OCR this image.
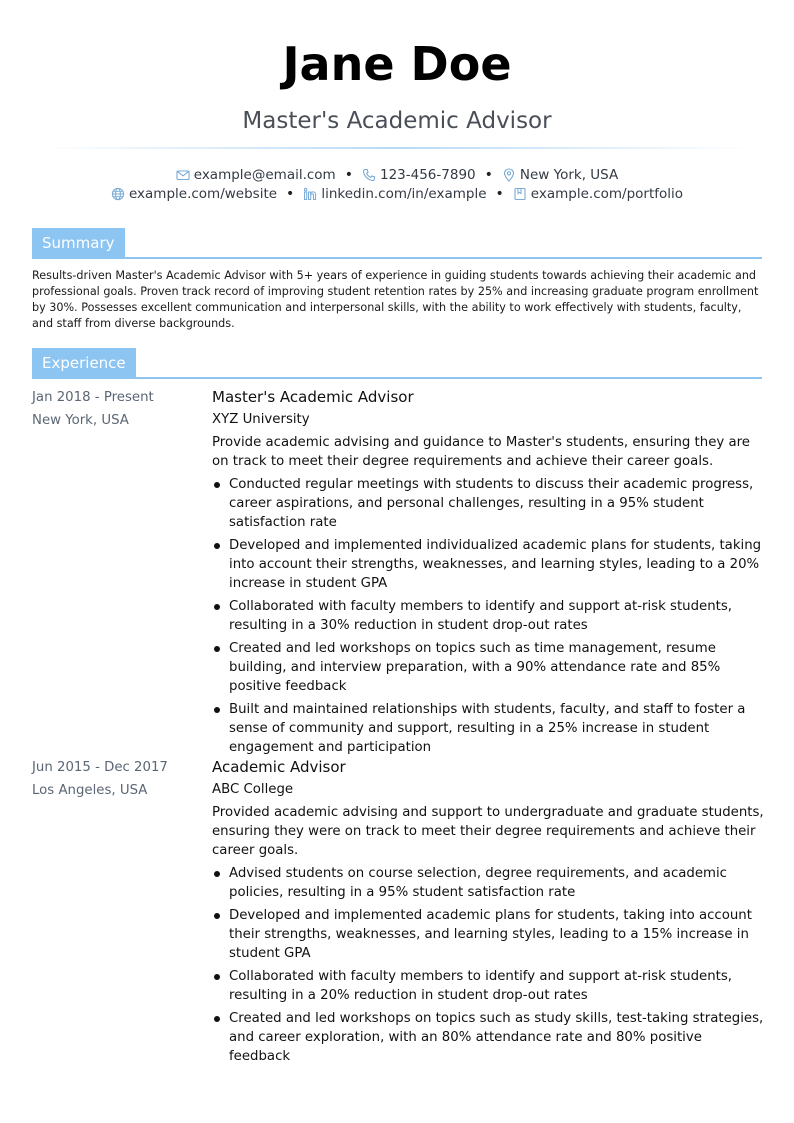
Jane Doe
Master's Academic Advisor
example@email.com • 123-456-7890 • New York, USA
example.com/website • linkedin.com/in/example • example.com/portfolio
Summary
Results-driven Master's Academic Advisor with 5+ years of experience in guiding students towards achieving their academic and professional goals. Proven track record of improving student retention rates by 25% and increasing graduate program enrollment by 30%. Possesses excellent communication and interpersonal skills, with the ability to work effectively with students, faculty, and staff from diverse backgrounds.
Experience
Jan 2018 - Present
New York, USA
Master's Academic Advisor
XYZ University
Provide academic advising and guidance to Master's students, ensuring they are on track to meet their degree requirements and achieve their career goals.
Conducted regular meetings with students to discuss their academic progress, career aspirations, and personal challenges, resulting in a 95% student satisfaction rate
Developed and implemented individualized academic plans for students, taking into account their strengths, weaknesses, and learning styles, leading to a 20% increase in student GPA
Collaborated with faculty members to identify and support at-risk students, resulting in a 30% reduction in student drop-out rates
Created and led workshops on topics such as time management, resume building, and interview preparation, with a 90% attendance rate and 85% positive feedback
Built and maintained relationships with students, faculty, and staff to foster a sense of community and support, resulting in a 25% increase in student engagement and participation
Jun 2015 - Dec 2017
Los Angeles, USA
Academic Advisor
ABC College
Provided academic advising and support to undergraduate and graduate students, ensuring they were on track to meet their degree requirements and achieve their career goals.
Advised students on course selection, degree requirements, and academic policies, resulting in a 95% student satisfaction rate
Developed and implemented academic plans for students, taking into account their strengths, weaknesses, and learning styles, leading to a 15% increase in student GPA
Collaborated with faculty members to identify and support at-risk students, resulting in a 20% reduction in student drop-out rates
Created and led workshops on topics such as study skills, test-taking strategies, and career exploration, with an 80% attendance rate and 80% positive feedback
